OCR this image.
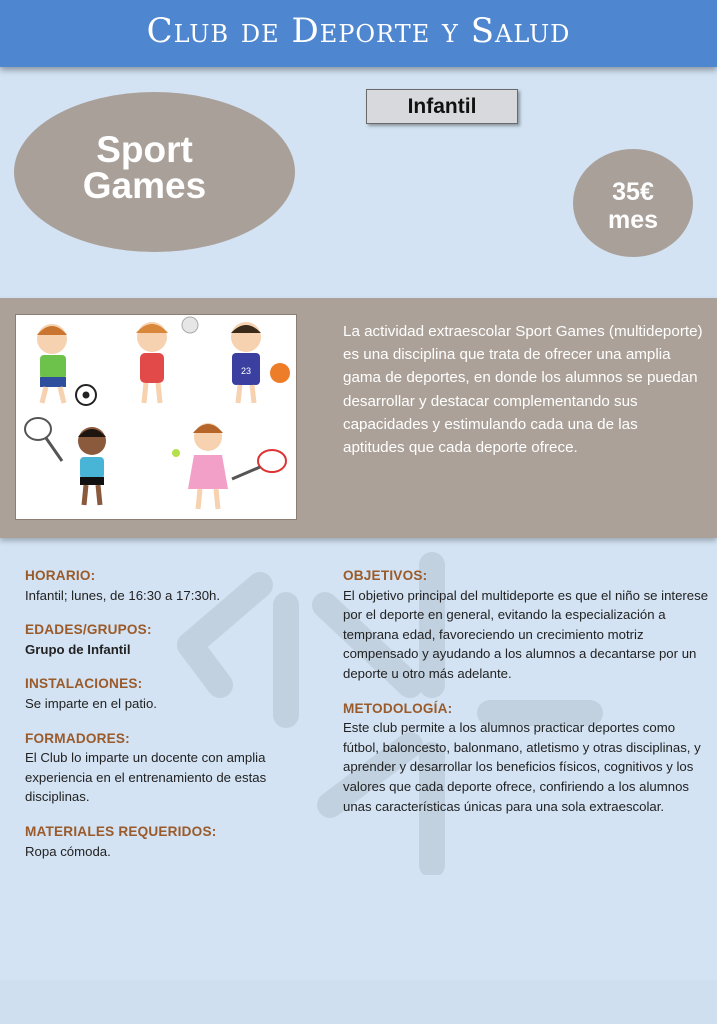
Club de Deporte y Salud
Infantil
Sport
Games	35€
mes
23
La actividad extraescolar Sport Games (multideporte) es una disciplina que trata de ofrecer una amplia gama de deportes, en donde los alumnos se puedan desarrollar y destacar complementando sus capacidades y estimulando cada una de las aptitudes que cada deporte ofrece.

HORARIO:

Infantil; lunes, de 16:30 a 17:30h.

EDADES/GRUPOS:

Grupo de Infantil

INSTALACIONES:

Se imparte en el patio.

FORMADORES:

El Club lo imparte un docente con amplia experiencia en el entrenamiento de estas disciplinas.

MATERIALES REQUERIDOS:

Ropa cómoda.

OBJETIVOS:

El objetivo principal del multideporte es que el niño se interese por el deporte en general, evitando la especialización a temprana edad, favoreciendo un crecimiento motriz compensado y ayudando a los alumnos a decantarse por un deporte u otro más adelante.

METODOLOGÍA:

Este club permite a los alumnos practicar deportes como fútbol, baloncesto, balonmano, atletismo y otras disciplinas, y aprender y desarrollar los beneficios físicos, cognitivos y los valores que cada deporte ofrece, confiriendo a los alumnos unas características únicas para una sola extraescolar.
